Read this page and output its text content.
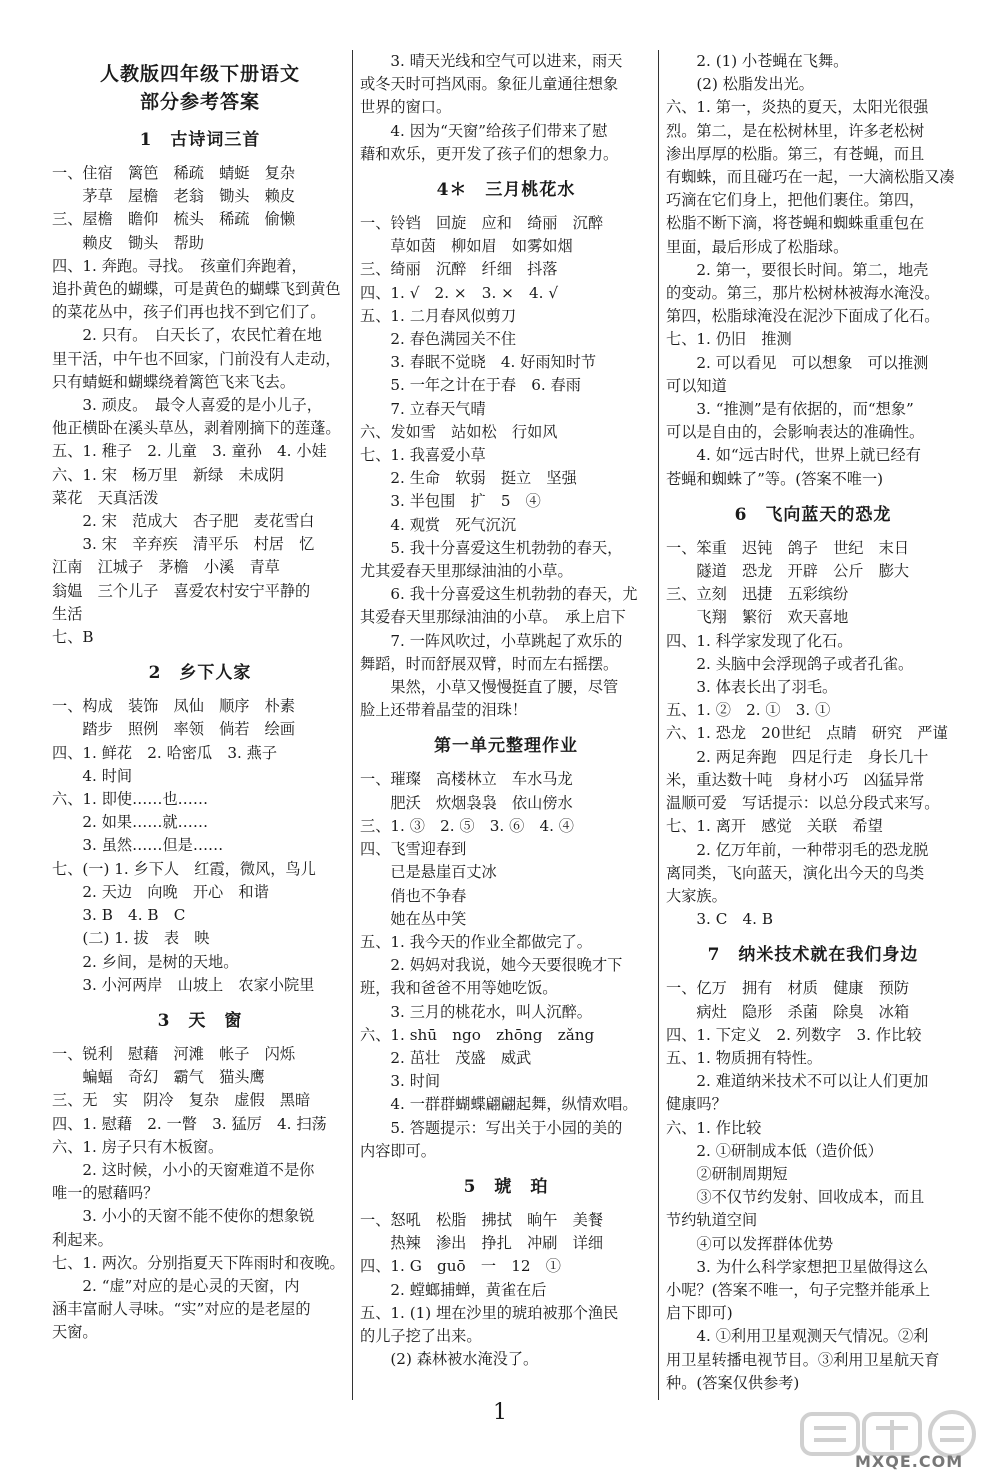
人教版四年级下册语文
部分参考答案
1　古诗词三首
一、住宿　篱笆　稀疏　蜻蜓　复杂
　　茅草　屋檐　老翁　锄头　赖皮
三、屋檐　瞻仰　梳头　稀疏　偷懒
　　赖皮　锄头　帮助
四、1. 奔跑。寻找。　孩童们奔跑着，
追扑黄色的蝴蝶，可是黄色的蝴蝶飞到黄色
的菜花丛中，孩子们再也找不到它们了。
　　2. 只有。　白天长了，农民忙着在地
里干活，中午也不回家，门前没有人走动，
只有蜻蜓和蝴蝶绕着篱笆飞来飞去。
　　3. 顽皮。　最令人喜爱的是小儿子，
他正横卧在溪头草丛，剥着刚摘下的莲蓬。
五、1. 稚子　2. 儿童　3. 童孙　4. 小娃
六、1. 宋　杨万里　新绿　未成阴
菜花　天真活泼
　　2. 宋　范成大　杏子肥　麦花雪白
　　3. 宋　辛弃疾　清平乐　村居　忆
江南　江城子　茅檐　小溪　青草
翁媪　三个儿子　喜爱农村安宁平静的
生活
七、B
2　乡下人家
一、构成　装饰　凤仙　顺序　朴素
　　踏步　照例　率领　倘若　绘画
四、1. 鲜花　2. 哈密瓜　3. 燕子
　　4. 时间
六、1. 即使……也……
　　2. 如果……就……
　　3. 虽然……但是……
七、(一) 1. 乡下人　红霞，微风，鸟儿
　　2. 天边　向晚　开心　和谐
　　3. B　4. B　C
　　(二) 1. 拔　表　映
　　2. 乡间，是树的天地。
　　3. 小河两岸　山坡上　农家小院里
3　天　窗
一、锐利　慰藉　河滩　帐子　闪烁
　　蝙蝠　奇幻　霸气　猫头鹰
三、无　实　阴冷　复杂　虚假　黑暗
四、1. 慰藉　2. 一瞥　3. 猛厉　4. 扫荡
六、1. 房子只有木板窗。
　　2. 这时候，小小的天窗难道不是你
唯一的慰藉吗？
　　3. 小小的天窗不能不使你的想象锐
利起来。
七、1. 两次。分别指夏天下阵雨时和夜晚。
　　2. “虚”对应的是心灵的天窗，内
涵丰富耐人寻味。“实”对应的是老屋的
天窗。
　　3. 晴天光线和空气可以进来，雨天
或冬天时可挡风雨。象征儿童通往想象
世界的窗口。
　　4. 因为“天窗”给孩子们带来了慰
藉和欢乐，更开发了孩子们的想象力。
4＊　三月桃花水
一、铃铛　回旋　应和　绮丽　沉醉
　　草如茵　柳如眉　如雾如烟
三、绮丽　沉醉　纤细　抖落
四、1. √　2. ×　3. ×　4. √
五、1. 二月春风似剪刀
　　2. 春色满园关不住
　　3. 春眠不觉晓　4. 好雨知时节
　　5. 一年之计在于春　6. 春雨
　　7. 立春天气晴
六、发如雪　站如松　行如风
七、1. 我喜爱小草
　　2. 生命　软弱　挺立　坚强
　　3. 半包围　扩　5　④
　　4. 观赏　死气沉沉
　　5. 我十分喜爱这生机勃勃的春天，
尤其爱春天里那绿油油的小草。
　　6. 我十分喜爱这生机勃勃的春天，尤
其爱春天里那绿油油的小草。　承上启下
　　7. 一阵风吹过，小草跳起了欢乐的
舞蹈，时而舒展双臂，时而左右摇摆。
　　果然，小草又慢慢挺直了腰，尽管
脸上还带着晶莹的泪珠！
第一单元整理作业
一、璀璨　高楼林立　车水马龙
　　肥沃　炊烟袅袅　依山傍水
三、1. ③　2. ⑤　3. ⑥　4. ④
四、飞雪迎春到
　　已是悬崖百丈冰
　　俏也不争春
　　她在丛中笑
五、1. 我今天的作业全都做完了。
　　2. 妈妈对我说，她今天要很晚才下
班，我和爸爸不用等她吃饭。
　　3. 三月的桃花水，叫人沉醉。
六、1. shū　ngo　zhōng　zǎng
　　2. 茁壮　茂盛　威武
　　3. 时间
　　4. 一群群蝴蝶翩翩起舞，纵情欢唱。
　　5. 答题提示：写出关于小园的美的
内容即可。
5　琥　珀
一、怒吼　松脂　拂拭　晌午　美餐
　　热辣　渗出　挣扎　冲刷　详细
四、1. G　guō　一　12　①
　　2. 螳螂捕蝉，黄雀在后
五、1. (1) 埋在沙里的琥珀被那个渔民
的儿子挖了出来。
　　(2) 森林被水淹没了。
　　2. (1) 小苍蝇在飞舞。
　　(2) 松脂发出光。
六、1. 第一，炎热的夏天，太阳光很强
烈。第二，是在松树林里，许多老松树
渗出厚厚的松脂。第三，有苍蝇，而且
有蜘蛛，而且碰巧在一起，一大滴松脂又凑
巧滴在它们身上，把他们裹住。第四，
松脂不断下滴，将苍蝇和蜘蛛重重包在
里面，最后形成了松脂球。
　　2. 第一，要很长时间。第二，地壳
的变动。第三，那片松树林被海水淹没。
第四，松脂球淹没在泥沙下面成了化石。
七、1. 仍旧　推测
　　2. 可以看见　可以想象　可以推测
可以知道
　　3. “推测”是有依据的，而“想象”
可以是自由的，会影响表达的准确性。
　　4. 如“远古时代，世界上就已经有
苍蝇和蜘蛛了”等。(答案不唯一)
6　飞向蓝天的恐龙
一、笨重　迟钝　鸽子　世纪　末日
　　隧道　恐龙　开辟　公斤　膨大
三、立刻　迅捷　五彩缤纷
　　飞翔　繁衍　欢天喜地
四、1. 科学家发现了化石。
　　2. 头脑中会浮现鸽子或者孔雀。
　　3. 体表长出了羽毛。
五、1. ②　2. ①　3. ①
六、1. 恐龙　20世纪　点睛　研究　严谨
　　2. 两足奔跑　四足行走　身长几十
米，重达数十吨　身材小巧　凶猛异常
温顺可爱　写话提示：以总分段式来写。
七、1. 离开　感觉　关联　希望
　　2. 亿万年前，一种带羽毛的恐龙脱
离同类，飞向蓝天，演化出今天的鸟类
大家族。
　　3. C　4. B
7　纳米技术就在我们身边
一、亿万　拥有　材质　健康　预防
　　病灶　隐形　杀菌　除臭　冰箱
四、1. 下定义　2. 列数字　3. 作比较
五、1. 物质拥有特性。
　　2. 难道纳米技术不可以让人们更加
健康吗？
六、1. 作比较
　　2. ①研制成本低（造价低）
　　②研制周期短
　　③不仅节约发射、回收成本，而且
节约轨道空间
　　④可以发挥群体优势
　　3. 为什么科学家想把卫星做得这么
小呢？(答案不唯一，句子完整并能承上
启下即可)
　　4. ①利用卫星观测天气情况。②利
用卫星转播电视节目。③利用卫星航天育
种。(答案仅供参考)
1
MXQE.COM
